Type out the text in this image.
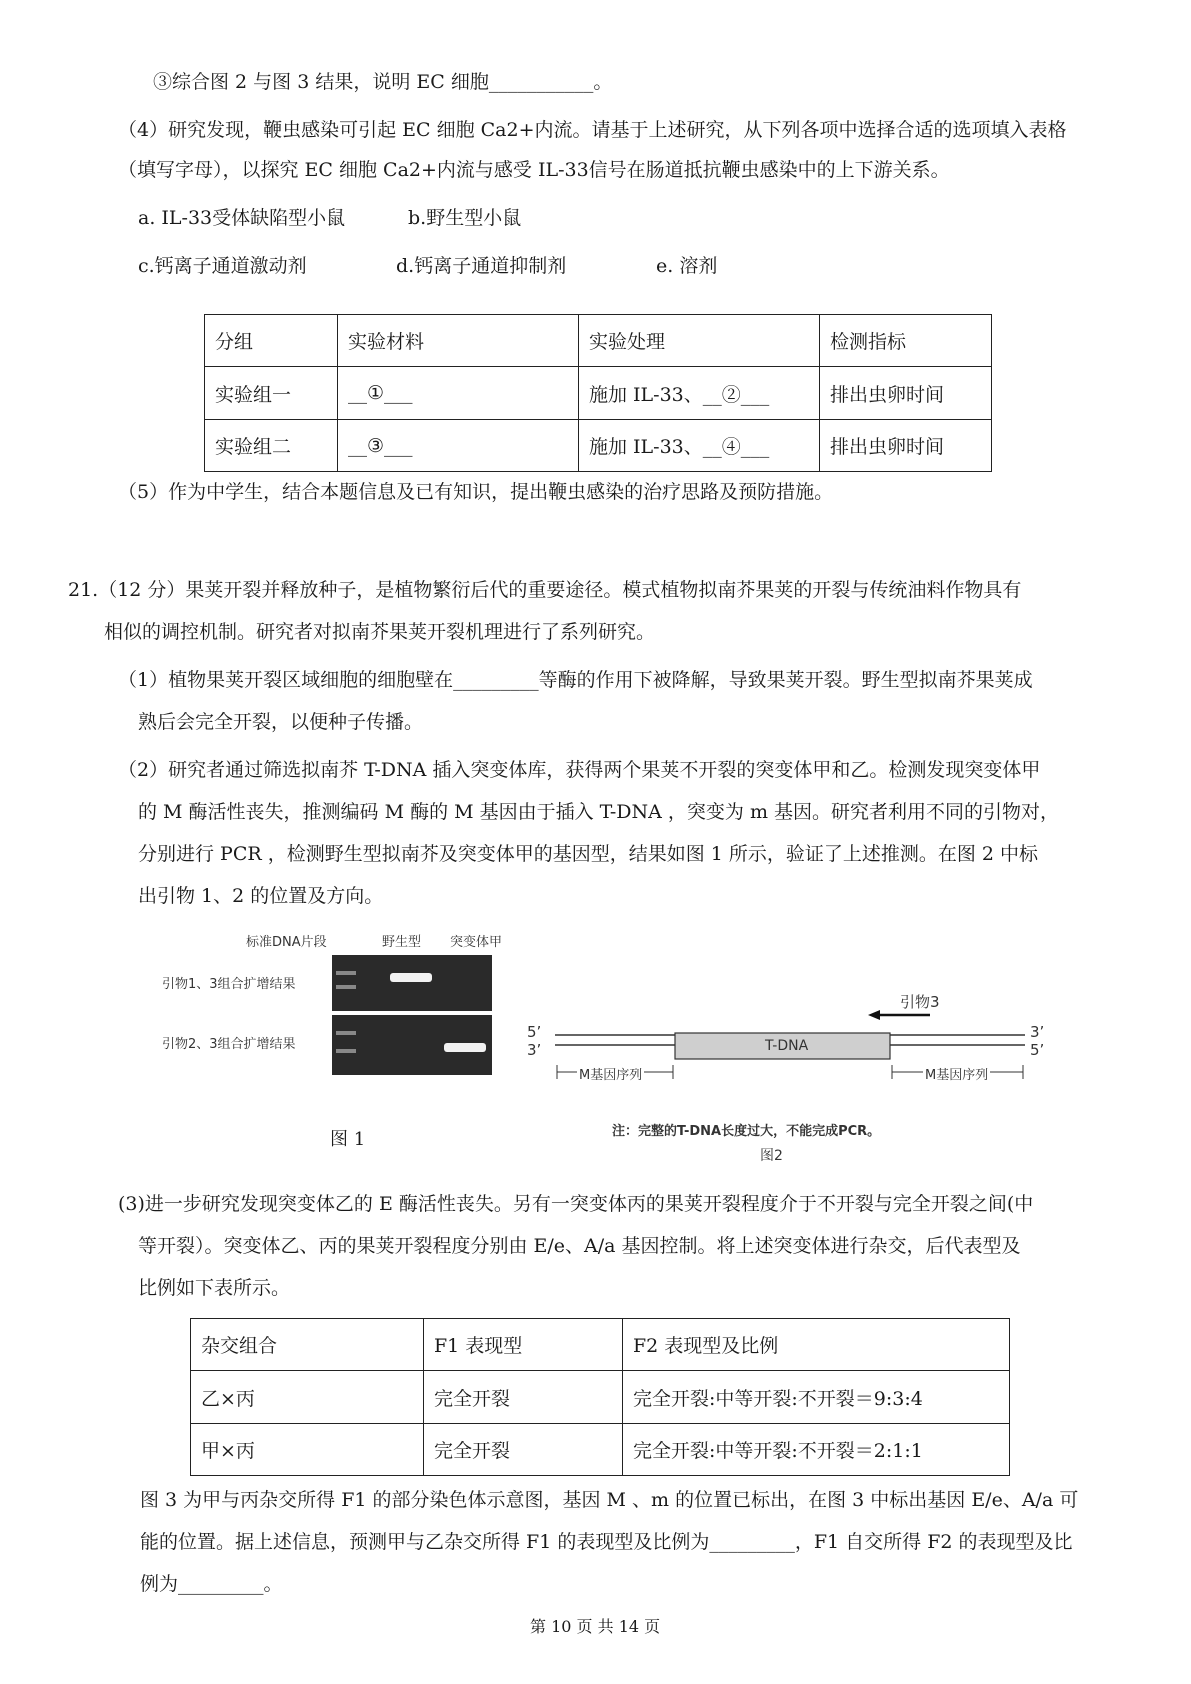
③综合图 2 与图 3 结果，说明 EC 细胞___________。
（4）研究发现，鞭虫感染可引起 EC 细胞 Ca2+内流。请基于上述研究，从下列各项中选择合适的选项填入表格
（填写字母），以探究 EC 细胞 Ca2+内流与感受 IL-33信号在肠道抵抗鞭虫感染中的上下游关系。
a. IL-33受体缺陷型小鼠	b.野生型小鼠
c.钙离子通道激动剂	d.钙离子通道抑制剂	e. 溶剂
分组	实验材料	实验处理	检测指标
实验组一	__①___	施加 IL-33、__②___	排出虫卵时间
实验组二	__③___	施加 IL-33、__④___	排出虫卵时间
（5）作为中学生，结合本题信息及已有知识，提出鞭虫感染的治疗思路及预防措施。
21.（12 分）果荚开裂并释放种子，是植物繁衍后代的重要途径。模式植物拟南芥果荚的开裂与传统油料作物具有
相似的调控机制。研究者对拟南芥果荚开裂机理进行了系列研究。
（1）植物果荚开裂区域细胞的细胞壁在_________等酶的作用下被降解，导致果荚开裂。野生型拟南芥果荚成
熟后会完全开裂，以便种子传播。
（2）研究者通过筛选拟南芥 T-DNA 插入突变体库，获得两个果荚不开裂的突变体甲和乙。检测发现突变体甲
的 M 酶活性丧失，推测编码 M 酶的 M 基因由于插入 T-DNA ，突变为 m 基因。研究者利用不同的引物对，
分别进行 PCR ，检测野生型拟南芥及突变体甲的基因型，结果如图 1 所示，验证了上述推测。在图 2 中标
出引物 1、2 的位置及方向。
标准DNA片段	野生型 突变体甲
引物1、3组合扩增结果
引物2、3组合扩增结果
图 1
引物3
T-DNA
5’
3’
3’
5’
M基因序列	M基因序列
注：完整的T-DNA长度过大，不能完成PCR。
图2
(3)进一步研究发现突变体乙的 E 酶活性丧失。另有一突变体丙的果荚开裂程度介于不开裂与完全开裂之间(中
等开裂）。突变体乙、丙的果荚开裂程度分别由 E/e、A/a 基因控制。将上述突变体进行杂交，后代表型及
比例如下表所示。
杂交组合	F1 表现型	F2 表现型及比例
乙×丙	完全开裂	完全开裂:中等开裂:不开裂＝9:3:4
甲×丙	完全开裂	完全开裂:中等开裂:不开裂＝2:1:1
图 3 为甲与丙杂交所得 F1 的部分染色体示意图，基因 M 、m 的位置已标出，在图 3 中标出基因 E/e、A/a 可
能的位置。据上述信息，预测甲与乙杂交所得 F1 的表现型及比例为_________，F1 自交所得 F2 的表现型及比
例为_________。
第 10 页 共 14 页
